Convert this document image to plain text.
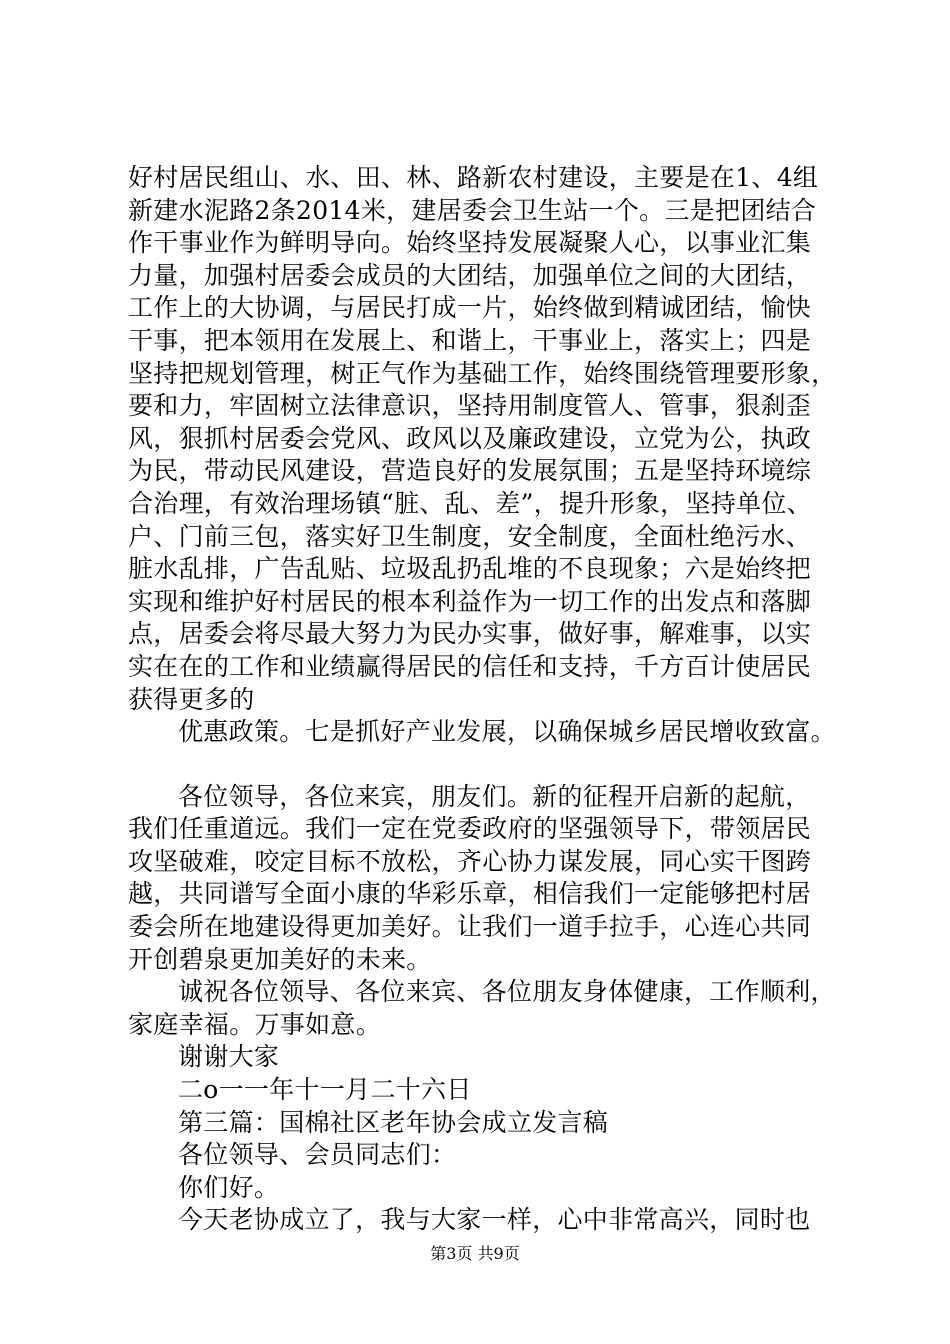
好村居民组山、水、田、林、路新农村建设，主要是在1、4组
新建水泥路2条2014米，建居委会卫生站一个。三是把团结合
作干事业作为鲜明导向。始终坚持发展凝聚人心，以事业汇集
力量，加强村居委会成员的大团结，加强单位之间的大团结，
工作上的大协调，与居民打成一片，始终做到精诚团结，愉快
干事，把本领用在发展上、和谐上，干事业上，落实上；四是
坚持把规划管理，树正气作为基础工作，始终围绕管理要形象，
要和力，牢固树立法律意识，坚持用制度管人、管事，狠刹歪
风，狠抓村居委会党风、政风以及廉政建设，立党为公，执政
为民，带动民风建设，营造良好的发展氛围；五是坚持环境综
合治理，有效治理场镇“脏、乱、差”，提升形象，坚持单位、
户、门前三包，落实好卫生制度，安全制度，全面杜绝污水、
脏水乱排，广告乱贴、垃圾乱扔乱堆的不良现象；六是始终把
实现和维护好村居民的根本利益作为一切工作的出发点和落脚
点，居委会将尽最大努力为民办实事，做好事，解难事，以实
实在在的工作和业绩赢得居民的信任和支持，千方百计使居民
获得更多的
优惠政策。七是抓好产业发展，以确保城乡居民增收致富。
各位领导，各位来宾，朋友们。新的征程开启新的起航，
我们任重道远。我们一定在党委政府的坚强领导下，带领居民
攻坚破难，咬定目标不放松，齐心协力谋发展，同心实干图跨
越，共同谱写全面小康的华彩乐章，相信我们一定能够把村居
委会所在地建设得更加美好。让我们一道手拉手，心连心共同
开创碧泉更加美好的未来。
诚祝各位领导、各位来宾、各位朋友身体健康，工作顺利，
家庭幸福。万事如意。
谢谢大家
二o一一年十一月二十六日
第三篇：国棉社区老年协会成立发言稿
各位领导、会员同志们：
你们好。
今天老协成立了，我与大家一样，心中非常高兴，同时也
第3页 共9页
